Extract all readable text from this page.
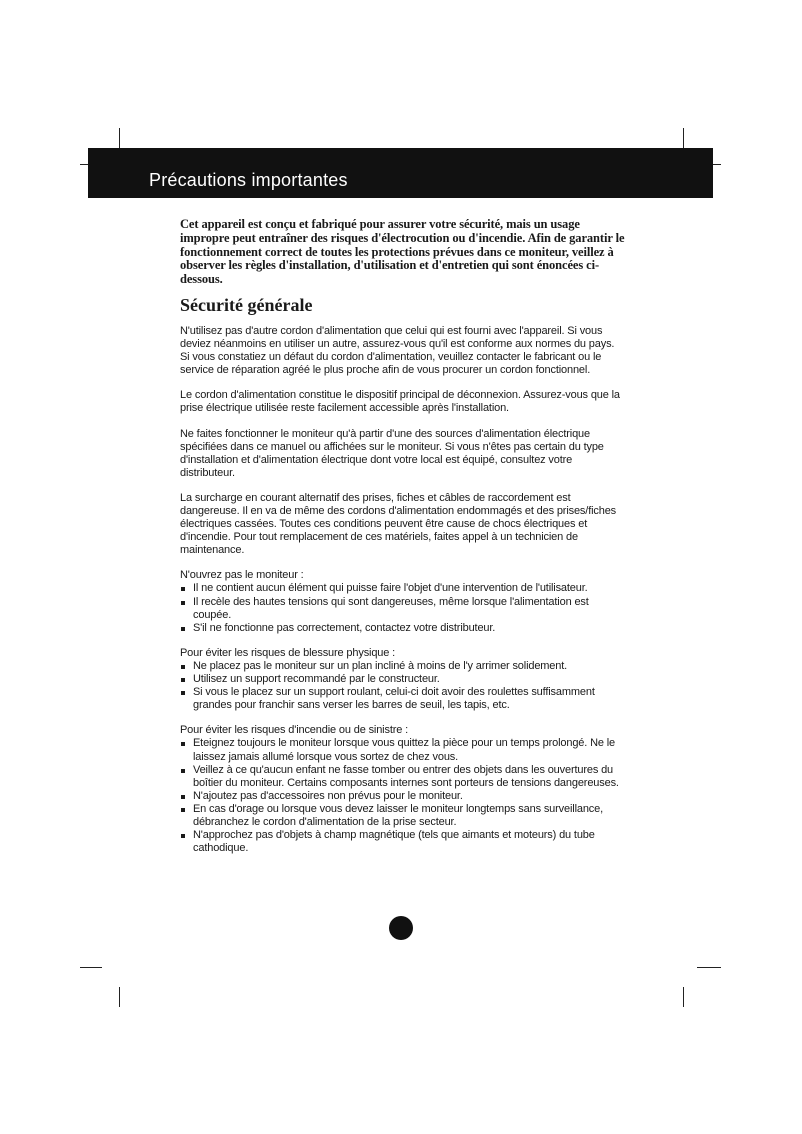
Précautions importantes

Cet appareil est conçu et fabriqué pour assurer votre sécurité, mais un usage impropre peut entraîner des risques d'électrocution ou d'incendie. Afin de garantir le fonctionnement correct de toutes les protections prévues dans ce moniteur, veillez à observer les règles d'installation, d'utilisation et d'entretien qui sont énoncées ci-dessous.

Sécurité générale

N'utilisez pas d'autre cordon d'alimentation que celui qui est fourni avec l'appareil. Si vous deviez néanmoins en utiliser un autre, assurez-vous qu'il est conforme aux normes du pays. Si vous constatiez un défaut du cordon d'alimentation, veuillez contacter le fabricant ou le service de réparation agréé le plus proche afin de vous procurer un cordon fonctionnel.

Le cordon d'alimentation constitue le dispositif principal de déconnexion. Assurez-vous que la prise électrique utilisée reste facilement accessible après l'installation.

Ne faites fonctionner le moniteur qu'à partir d'une des sources d'alimentation électrique spécifiées dans ce manuel ou affichées sur le moniteur. Si vous n'êtes pas certain du type d'installation et d'alimentation électrique dont votre local est équipé, consultez votre distributeur.

La surcharge en courant alternatif des prises, fiches et câbles de raccordement est dangereuse. Il en va de même des cordons d'alimentation endommagés et des prises/fiches électriques cassées. Toutes ces conditions peuvent être cause de chocs électriques et d'incendie. Pour tout remplacement de ces matériels, faites appel à un technicien de maintenance.

N'ouvrez pas le moniteur :

Il ne contient aucun élément qui puisse faire l'objet d'une intervention de l'utilisateur.
Il recèle des hautes tensions qui sont dangereuses, même lorsque l'alimentation est coupée.
S'il ne fonctionne pas correctement, contactez votre distributeur.

Pour éviter les risques de blessure physique :

Ne placez pas le moniteur sur un plan incliné à moins de l'y arrimer solidement.
Utilisez un support recommandé par le constructeur.
Si vous le placez sur un support roulant, celui-ci doit avoir des roulettes suffisamment grandes pour franchir sans verser les barres de seuil, les tapis, etc.

Pour éviter les risques d'incendie ou de sinistre :

Eteignez toujours le moniteur lorsque vous quittez la pièce pour un temps prolongé. Ne le laissez jamais allumé lorsque vous sortez de chez vous.
Veillez à ce qu'aucun enfant ne fasse tomber ou entrer des objets dans les ouvertures du boîtier du moniteur. Certains composants internes sont porteurs de tensions dangereuses.
N'ajoutez pas d'accessoires non prévus pour le moniteur.
En cas d'orage ou lorsque vous devez laisser le moniteur longtemps sans surveillance, débranchez le cordon d'alimentation de la prise secteur.
N'approchez pas d'objets à champ magnétique (tels que aimants et moteurs) du tube cathodique.
